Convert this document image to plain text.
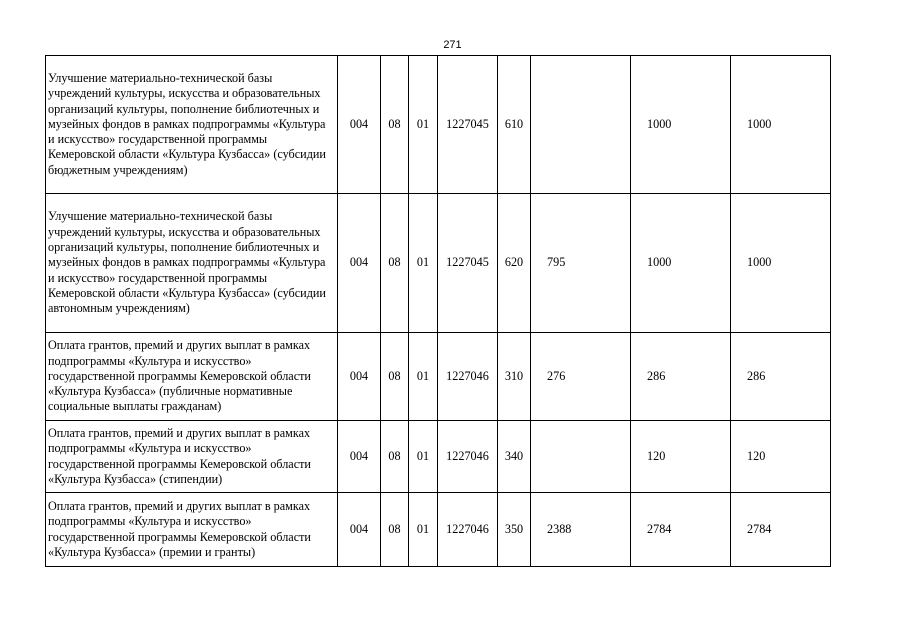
271
Улучшение материально-технической базы учреждений культуры, искусства и образовательных организаций культуры, пополнение библиотечных и музейных фондов в рамках подпрограммы «Культура и искусство» государственной программы Кемеровской области «Культура Кузбасса» (субсидии бюджетным учреждениям)	004	08	01	1227045	610		1000	1000
Улучшение материально-технической базы учреждений культуры, искусства и образовательных организаций культуры, пополнение библиотечных и музейных фондов в рамках подпрограммы «Культура и искусство» государственной программы Кемеровской области «Культура Кузбасса» (субсидии автономным учреждениям)	004	08	01	1227045	620	795	1000	1000
Оплата грантов, премий и других выплат в рамках подпрограммы «Культура и искусство» государственной программы Кемеровской области «Культура Кузбасса» (публичные нормативные социальные выплаты гражданам)	004	08	01	1227046	310	276	286	286
Оплата грантов, премий и других выплат в рамках подпрограммы «Культура и искусство» государственной программы Кемеровской области «Культура Кузбасса» (стипендии)	004	08	01	1227046	340		120	120
Оплата грантов, премий и других выплат в рамках подпрограммы «Культура и искусство» государственной программы Кемеровской области «Культура Кузбасса» (премии и гранты)	004	08	01	1227046	350	2388	2784	2784
